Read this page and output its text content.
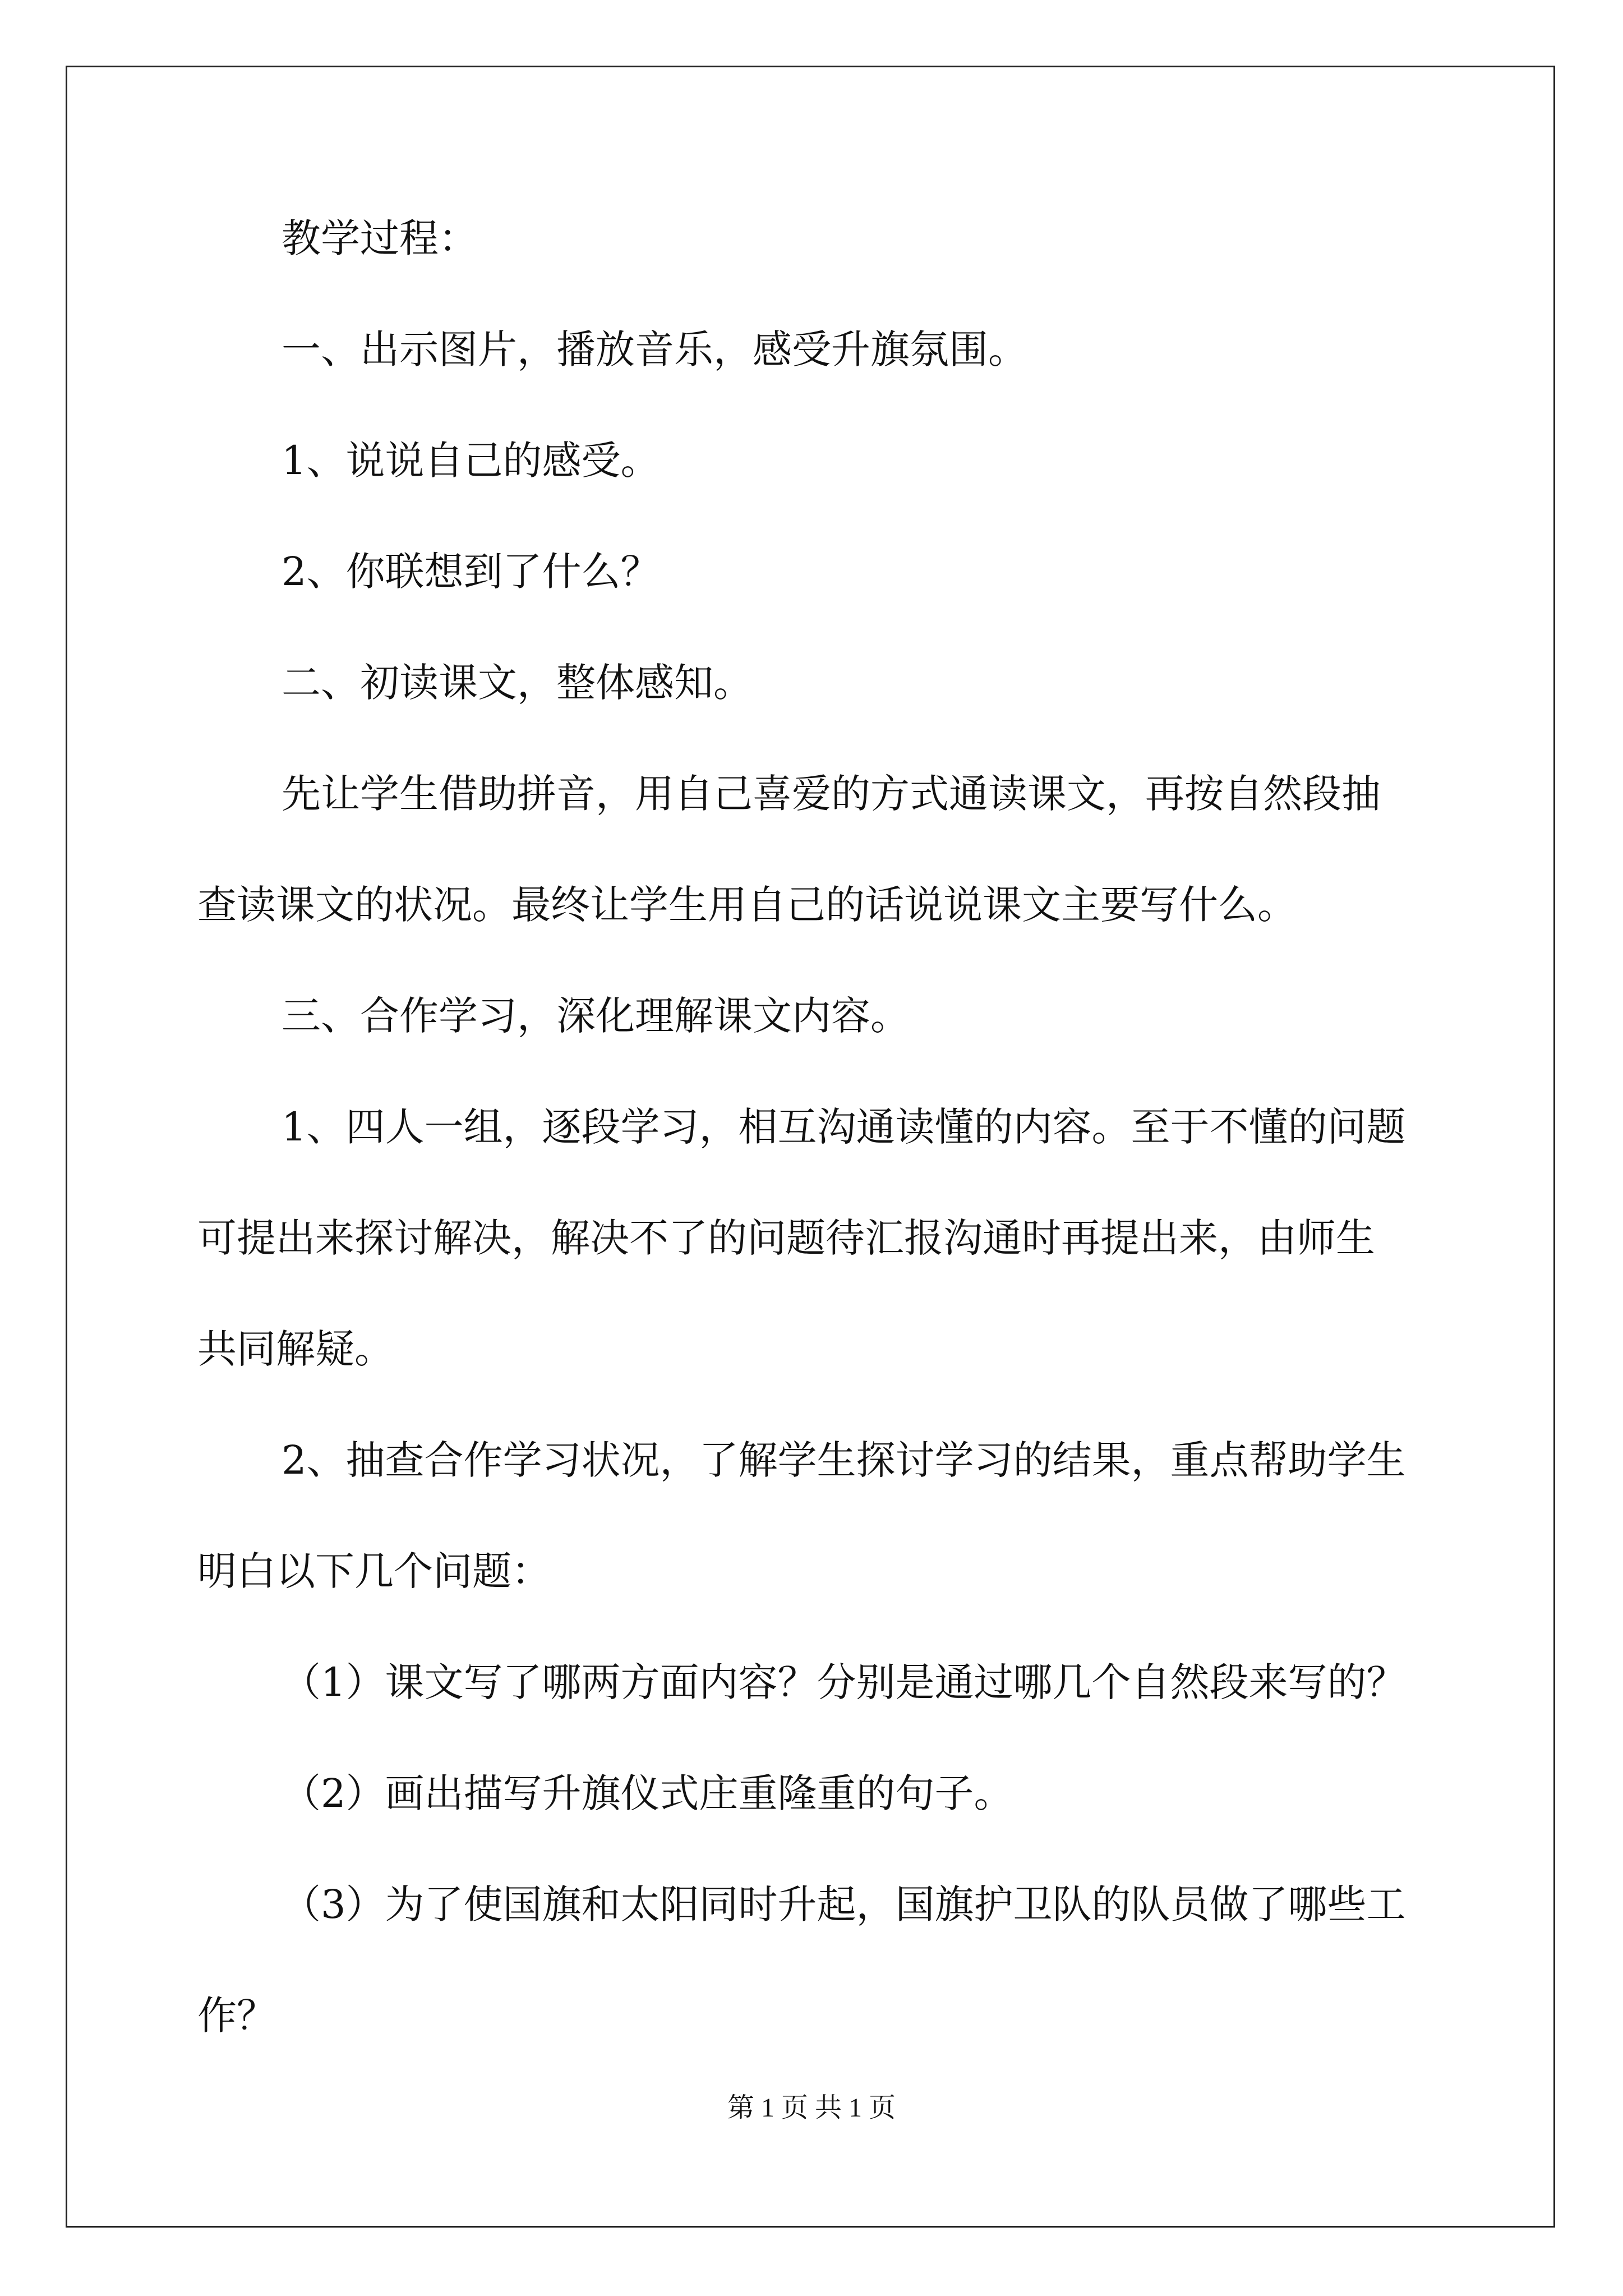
教学过程：
一、出示图片，播放音乐，感受升旗氛围。
1、说说自己的感受。
2、你联想到了什么？
二、初读课文，整体感知。
先让学生借助拼音，用自己喜爱的方式通读课文，再按自然段抽
查读课文的状况。最终让学生用自己的话说说课文主要写什么。
三、合作学习，深化理解课文内容。
1、四人一组，逐段学习，相互沟通读懂的内容。至于不懂的问题
可提出来探讨解决，解决不了的问题待汇报沟通时再提出来，由师生
共同解疑。
2、抽查合作学习状况，了解学生探讨学习的结果，重点帮助学生
明白以下几个问题：
（1）课文写了哪两方面内容？分别是通过哪几个自然段来写的？
（2）画出描写升旗仪式庄重隆重的句子。
（3）为了使国旗和太阳同时升起，国旗护卫队的队员做了哪些工
作？
第 1 页 共 1 页
